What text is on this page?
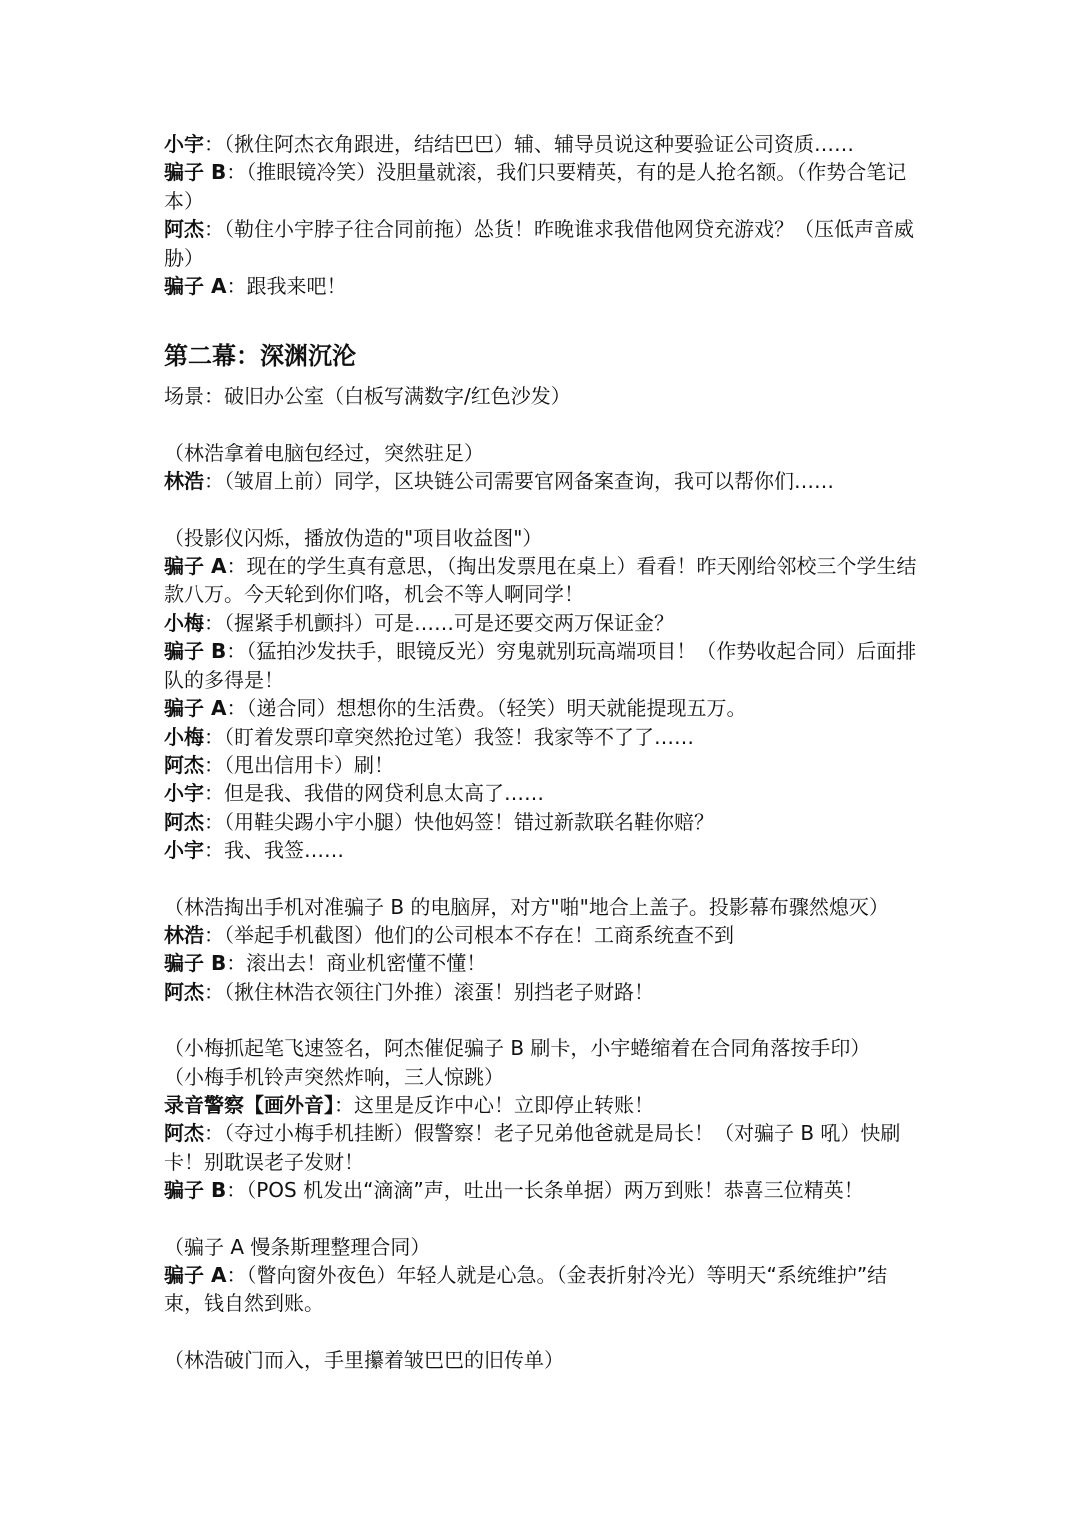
小宇：（揪住阿杰衣角跟进，结结巴巴）辅、辅导员说这种要验证公司资质……

骗子 B：（推眼镜冷笑）没胆量就滚，我们只要精英，有的是人抢名额。（作势合笔记本）

阿杰：（勒住小宇脖子往合同前拖）怂货！昨晚谁求我借他网贷充游戏？（压低声音威胁）

骗子 A：跟我来吧！

第二幕：深渊沉沦

场景：破旧办公室（白板写满数字/红色沙发）

（林浩拿着电脑包经过，突然驻足）

林浩：（皱眉上前）同学，区块链公司需要官网备案查询，我可以帮你们……

（投影仪闪烁，播放伪造的"项目收益图"）

骗子 A：现在的学生真有意思，（掏出发票甩在桌上）看看！昨天刚给邻校三个学生结款八万。今天轮到你们咯，机会不等人啊同学！

小梅：（握紧手机颤抖）可是……可是还要交两万保证金？

骗子 B：（猛拍沙发扶手，眼镜反光）穷鬼就别玩高端项目！（作势收起合同）后面排队的多得是！

骗子 A：（递合同）想想你的生活费。（轻笑）明天就能提现五万。

小梅：（盯着发票印章突然抢过笔）我签！我家等不了了……

阿杰：（甩出信用卡）刷！

小宇：但是我、我借的网贷利息太高了……

阿杰：（用鞋尖踢小宇小腿）快他妈签！错过新款联名鞋你赔？

小宇：我、我签……

（林浩掏出手机对准骗子 B 的电脑屏，对方"啪"地合上盖子。投影幕布骤然熄灭）

林浩：（举起手机截图）他们的公司根本不存在！工商系统查不到

骗子 B：滚出去！商业机密懂不懂！

阿杰：（揪住林浩衣领往门外推）滚蛋！别挡老子财路！

（小梅抓起笔飞速签名，阿杰催促骗子 B 刷卡，小宇蜷缩着在合同角落按手印）

（小梅手机铃声突然炸响，三人惊跳）

录音警察【画外音】：这里是反诈中心！立即停止转账！

阿杰：（夺过小梅手机挂断）假警察！老子兄弟他爸就是局长！（对骗子 B 吼）快刷卡！别耽误老子发财！

骗子 B：（POS 机发出“滴滴”声，吐出一长条单据）两万到账！恭喜三位精英！

（骗子 A 慢条斯理整理合同）

骗子 A：（瞥向窗外夜色）年轻人就是心急。（金表折射冷光）等明天“系统维护”结束，钱自然到账。

（林浩破门而入，手里攥着皱巴巴的旧传单）
